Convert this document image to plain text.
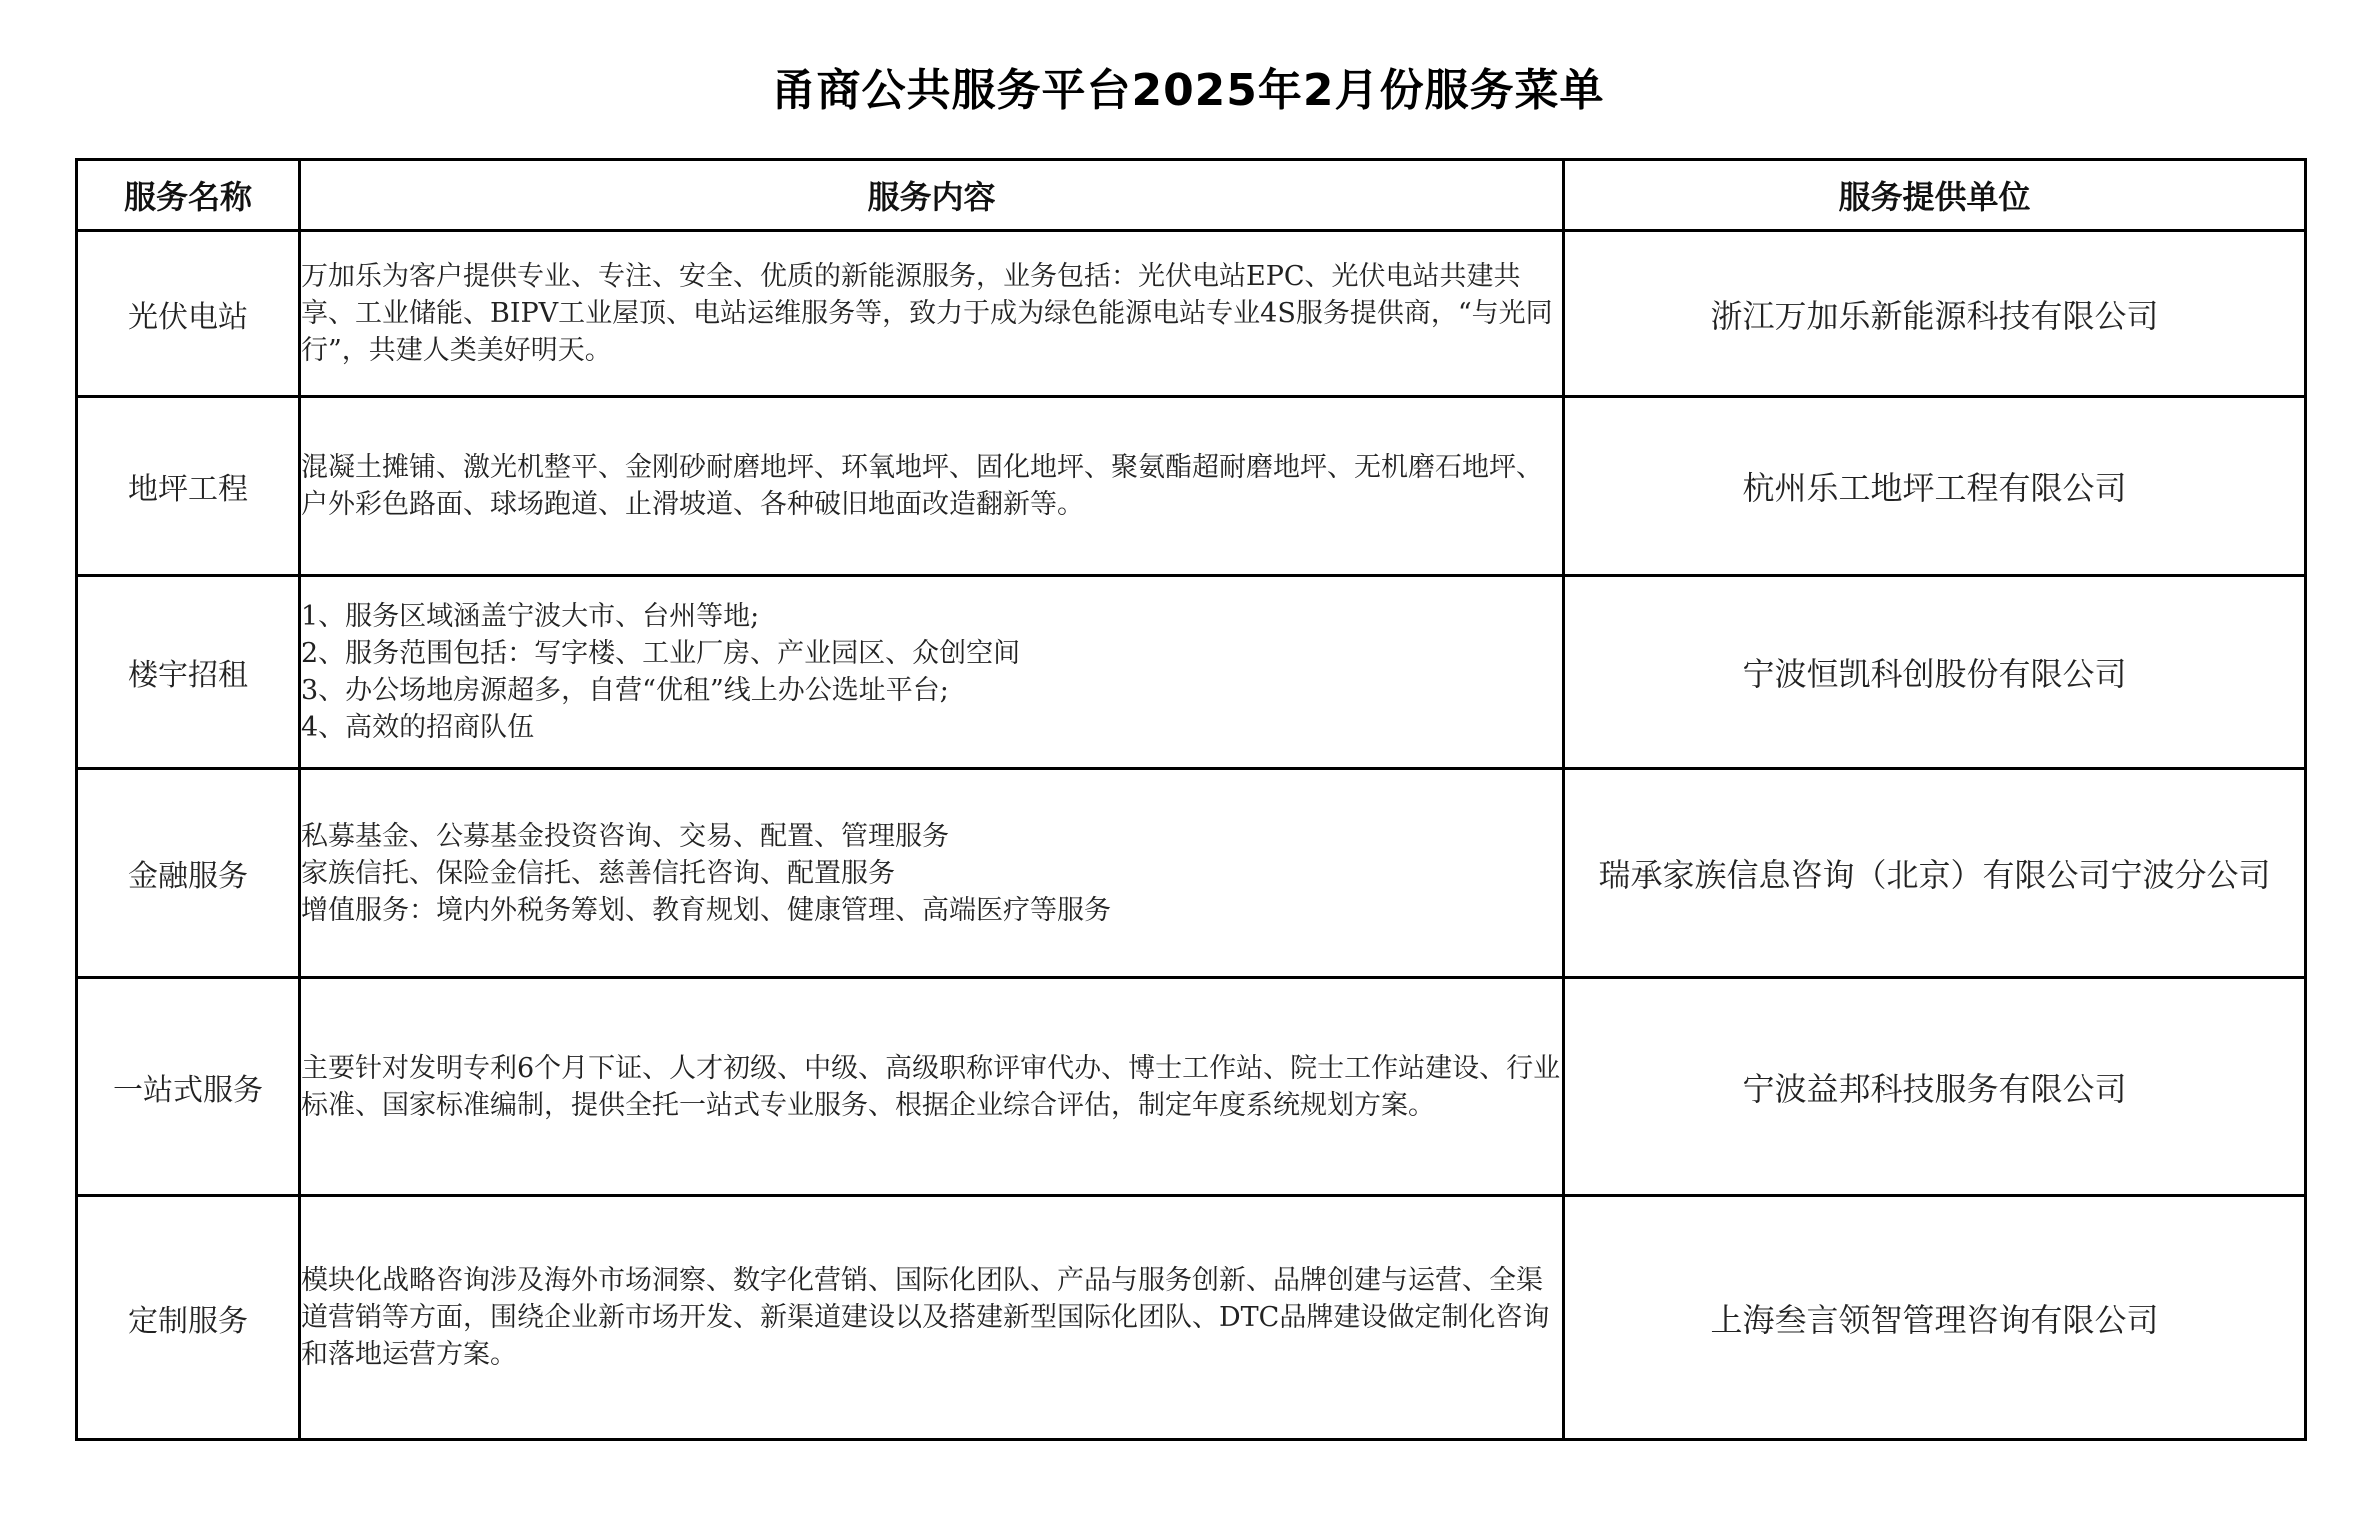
甬商公共服务平台2025年2月份服务菜单
服务名称	服务内容	服务提供单位
光伏电站	万加乐为客户提供专业、专注、安全、优质的新能源服务，业务包括：光伏电站EPC、光伏电站共建共享、工业储能、BIPV工业屋顶、电站运维服务等，致力于成为绿色能源电站专业4S服务提供商，“与光同行”，共建人类美好明天。	浙江万加乐新能源科技有限公司
地坪工程	混凝土摊铺、激光机整平、金刚砂耐磨地坪、环氧地坪、固化地坪、聚氨酯超耐磨地坪、无机磨石地坪、户外彩色路面、球场跑道、止滑坡道、各种破旧地面改造翻新等。	杭州乐工地坪工程有限公司
楼宇招租	1、服务区域涵盖宁波大市、台州等地;
2、服务范围包括：写字楼、工业厂房、产业园区、众创空间
3、办公场地房源超多，自营“优租”线上办公选址平台;
4、高效的招商队伍	宁波恒凯科创股份有限公司
金融服务	私募基金、公募基金投资咨询、交易、配置、管理服务
家族信托、保险金信托、慈善信托咨询、配置服务
增值服务：境内外税务筹划、教育规划、健康管理、高端医疗等服务	瑞承家族信息咨询（北京）有限公司宁波分公司
一站式服务	主要针对发明专利6个月下证、人才初级、中级、高级职称评审代办、博士工作站、院士工作站建设、行业标准、国家标准编制，提供全托一站式专业服务、根据企业综合评估，制定年度系统规划方案。	宁波益邦科技服务有限公司
定制服务	模块化战略咨询涉及海外市场洞察、数字化营销、国际化团队、产品与服务创新、品牌创建与运营、全渠道营销等方面，围绕企业新市场开发、新渠道建设以及搭建新型国际化团队、DTC品牌建设做定制化咨询和落地运营方案。	上海叁言领智管理咨询有限公司
